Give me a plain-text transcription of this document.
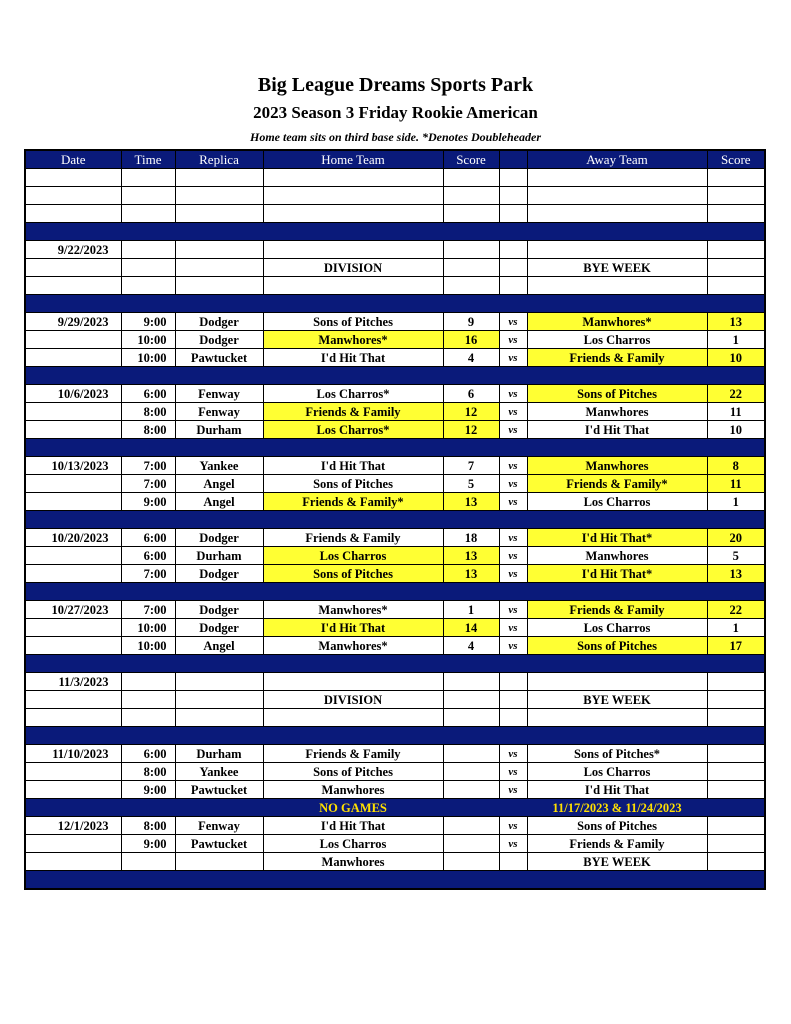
Big League Dreams Sports Park
2023 Season 3 Friday Rookie American
Home team sits on third base side. *Denotes Doubleheader
Date	Time	Replica	Home Team	Score		Away Team	Score

9/22/2023							
			DIVISION			BYE WEEK	

9/29/2023	9:00	Dodger	Sons of Pitches	9	vs	Manwhores*	13
	10:00	Dodger	Manwhores*	16	vs	Los Charros	1
	10:00	Pawtucket	I'd Hit That	4	vs	Friends & Family	10

10/6/2023	6:00	Fenway	Los Charros*	6	vs	Sons of Pitches	22
	8:00	Fenway	Friends & Family	12	vs	Manwhores	11
	8:00	Durham	Los Charros*	12	vs	I'd Hit That	10

10/13/2023	7:00	Yankee	I'd Hit That	7	vs	Manwhores	8
	7:00	Angel	Sons of Pitches	5	vs	Friends & Family*	11
	9:00	Angel	Friends & Family*	13	vs	Los Charros	1

10/20/2023	6:00	Dodger	Friends & Family	18	vs	I'd Hit That*	20
	6:00	Durham	Los Charros	13	vs	Manwhores	5
	7:00	Dodger	Sons of Pitches	13	vs	I'd Hit That*	13

10/27/2023	7:00	Dodger	Manwhores*	1	vs	Friends & Family	22
	10:00	Dodger	I'd Hit That	14	vs	Los Charros	1
	10:00	Angel	Manwhores*	4	vs	Sons of Pitches	17

11/3/2023							
			DIVISION			BYE WEEK	

11/10/2023	6:00	Durham	Friends & Family		vs	Sons of Pitches*	
	8:00	Yankee	Sons of Pitches		vs	Los Charros	
	9:00	Pawtucket	Manwhores		vs	I'd Hit That	
			NO GAMES			11/17/2023 & 11/24/2023	
12/1/2023	8:00	Fenway	I'd Hit That		vs	Sons of Pitches	
	9:00	Pawtucket	Los Charros		vs	Friends & Family	
			Manwhores			BYE WEEK	
